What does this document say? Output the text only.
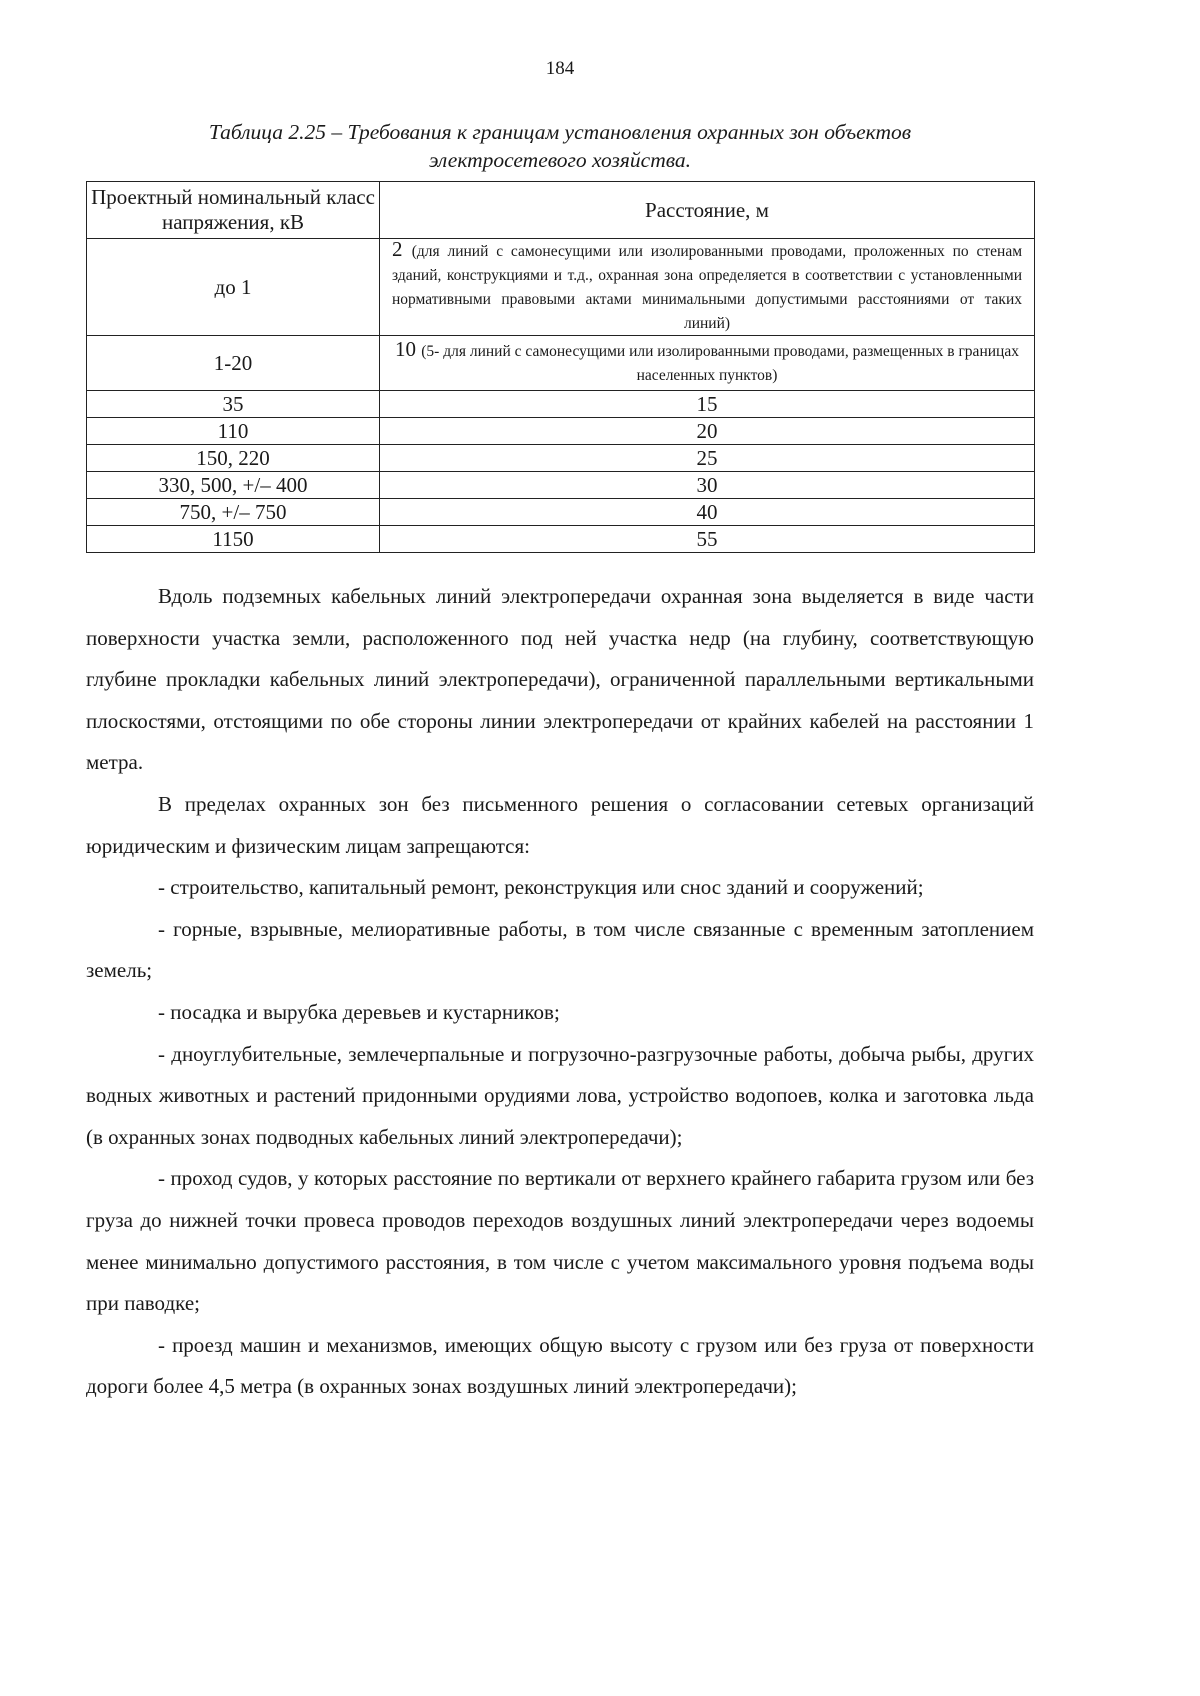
184
Таблица 2.25 – Требования к границам установления охранных зон объектов электросетевого хозяйства.
Проектный номинальный класс напряжения, кВ	Расстояние, м
до 1	2 (для линий с самонесущими или изолированными проводами, проложенных по стенам зданий, конструкциями и т.д., охранная зона определяется в соответствии с установленными нормативными правовыми актами минимальными допустимыми расстояниями от таких линий)
1-20	10 (5- для линий с самонесущими или изолированными проводами, размещенных в границах населенных пунктов)
35	15
110	20
150, 220	25
330, 500, +/– 400	30
750, +/– 750	40
1150	55

Вдоль подземных кабельных линий электропередачи охранная зона выделяется в виде части поверхности участка земли, расположенного под ней участка недр (на глубину, соответствующую глубине прокладки кабельных линий электропередачи), ограниченной параллельными вертикальными плоскостями, отстоящими по обе стороны линии электропередачи от крайних кабелей на расстоянии 1 метра.

В пределах охранных зон без письменного решения о согласовании сетевых организаций юридическим и физическим лицам запрещаются:

- строительство, капитальный ремонт, реконструкция или снос зданий и сооружений;

- горные, взрывные, мелиоративные работы, в том числе связанные с временным затоплением земель;

- посадка и вырубка деревьев и кустарников;

- дноуглубительные, землечерпальные и погрузочно-разгрузочные работы, добыча рыбы, других водных животных и растений придонными орудиями лова, устройство водопоев, колка и заготовка льда (в охранных зонах подводных кабельных линий электропередачи);

- проход судов, у которых расстояние по вертикали от верхнего крайнего габарита грузом или без груза до нижней точки провеса проводов переходов воздушных линий электропередачи через водоемы менее минимально допустимого расстояния, в том числе с учетом максимального уровня подъема воды при паводке;

- проезд машин и механизмов, имеющих общую высоту с грузом или без груза от поверхности дороги более 4,5 метра (в охранных зонах воздушных линий электропередачи);
